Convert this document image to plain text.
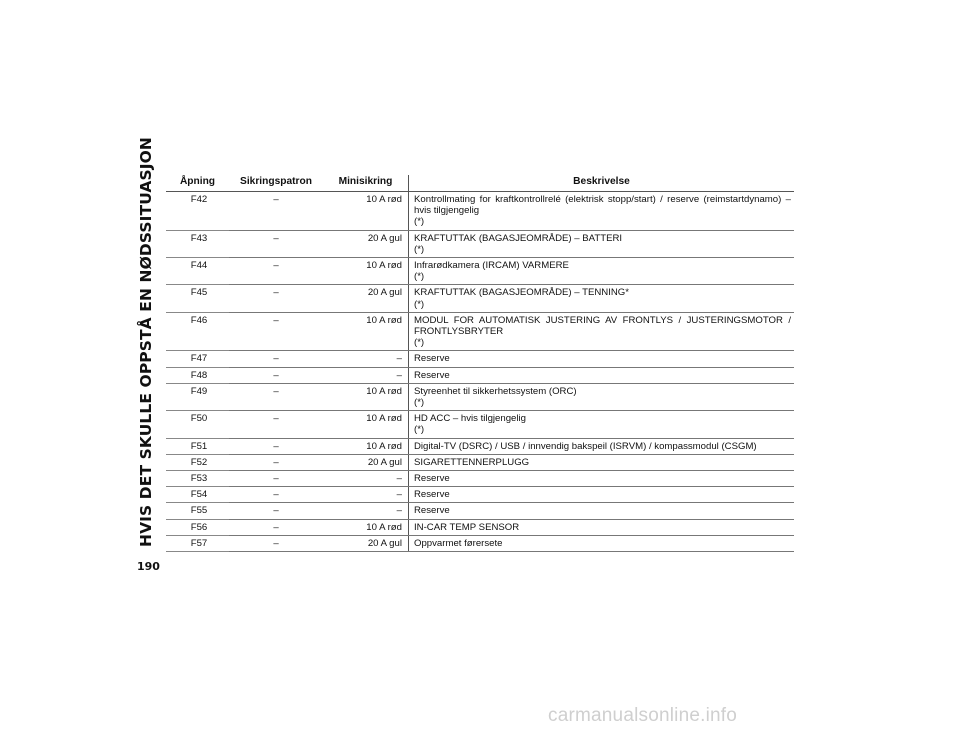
HVIS DET SKULLE OPPSTÅ EN NØDSSITUASJON
190
Åpning	Sikringspatron	Minisikring	Beskrivelse
F42	–	10 A rød	Kontrollmating for kraftkontrollrelé (elektrisk stopp/start) / reserve (reimstartdynamo) – hvis tilgjengelig
(*)

F43	–	20 A gul	KRAFTUTTAK (BAGASJEOMRÅDE) – BATTERI
(*)

F44	–	10 A rød	Infrarødkamera (IRCAM) VARMERE
(*)

F45	–	20 A gul	KRAFTUTTAK (BAGASJEOMRÅDE) – TENNING*
(*)

F46	–	10 A rød	MODUL FOR AUTOMATISK JUSTERING AV FRONTLYS / JUSTERINGSMOTOR / FRONTLYSBRYTER
(*)

F47	–	–	Reserve

F48	–	–	Reserve

F49	–	10 A rød	Styreenhet til sikkerhetssystem (ORC)
(*)

F50	–	10 A rød	HD ACC – hvis tilgjengelig
(*)

F51	–	10 A rød	Digital-TV (DSRC) / USB / innvendig bakspeil (ISRVM) / kompassmodul (CSGM)

F52	–	20 A gul	SIGARETTENNERPLUGG

F53	–	–	Reserve

F54	–	–	Reserve

F55	–	–	Reserve

F56	–	10 A rød	IN-CAR TEMP SENSOR

F57	–	20 A gul	Oppvarmet førersete
carmanualsonline.info
